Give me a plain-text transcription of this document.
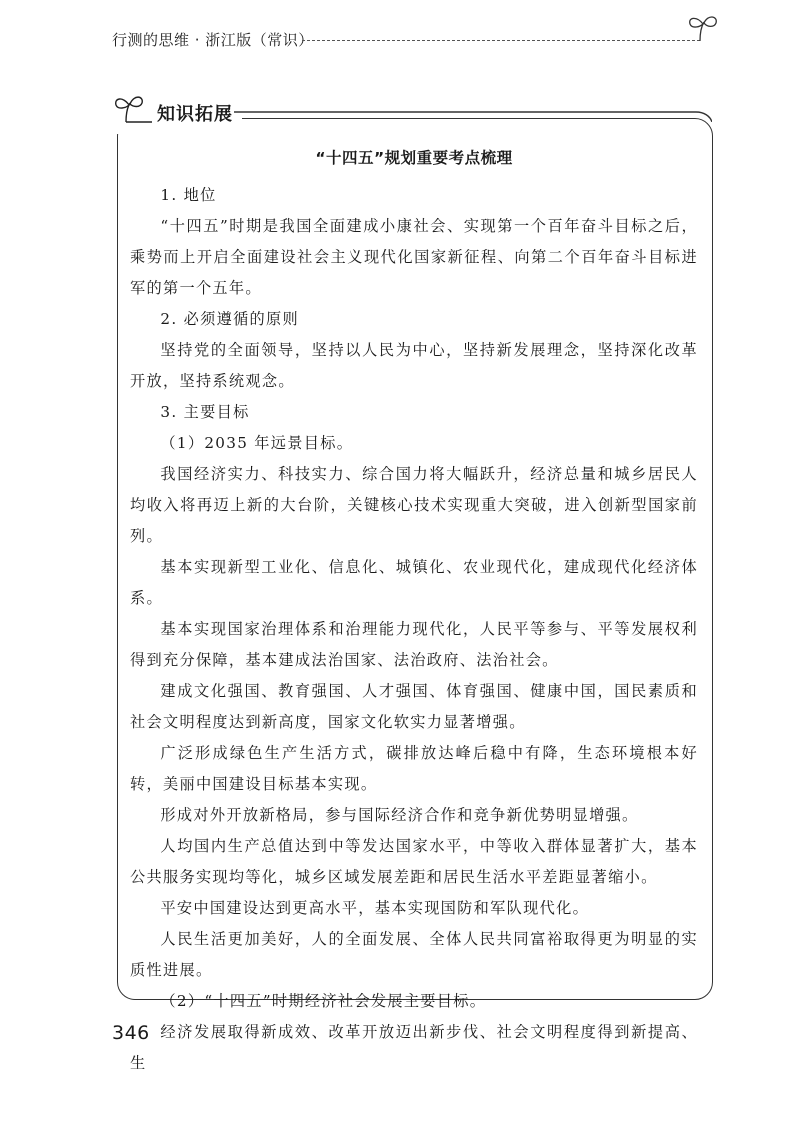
行测的思维 · 浙江版（常识）
知识拓展
“十四五”规划重要考点梳理

1. 地位

“十四五”时期是我国全面建成小康社会、实现第一个百年奋斗目标之后，乘势而上开启全面建设社会主义现代化国家新征程、向第二个百年奋斗目标进军的第一个五年。

2. 必须遵循的原则

坚持党的全面领导，坚持以人民为中心，坚持新发展理念，坚持深化改革开放，坚持系统观念。

3. 主要目标

（1）2035 年远景目标。

我国经济实力、科技实力、综合国力将大幅跃升，经济总量和城乡居民人均收入将再迈上新的大台阶，关键核心技术实现重大突破，进入创新型国家前列。

基本实现新型工业化、信息化、城镇化、农业现代化，建成现代化经济体系。

基本实现国家治理体系和治理能力现代化，人民平等参与、平等发展权利得到充分保障，基本建成法治国家、法治政府、法治社会。

建成文化强国、教育强国、人才强国、体育强国、健康中国，国民素质和社会文明程度达到新高度，国家文化软实力显著增强。

广泛形成绿色生产生活方式，碳排放达峰后稳中有降，生态环境根本好转，美丽中国建设目标基本实现。

形成对外开放新格局，参与国际经济合作和竞争新优势明显增强。

人均国内生产总值达到中等发达国家水平，中等收入群体显著扩大，基本公共服务实现均等化，城乡区域发展差距和居民生活水平差距显著缩小。

平安中国建设达到更高水平，基本实现国防和军队现代化。

人民生活更加美好，人的全面发展、全体人民共同富裕取得更为明显的实质性进展。

（2）“十四五”时期经济社会发展主要目标。

经济发展取得新成效、改革开放迈出新步伐、社会文明程度得到新提高、生

346
